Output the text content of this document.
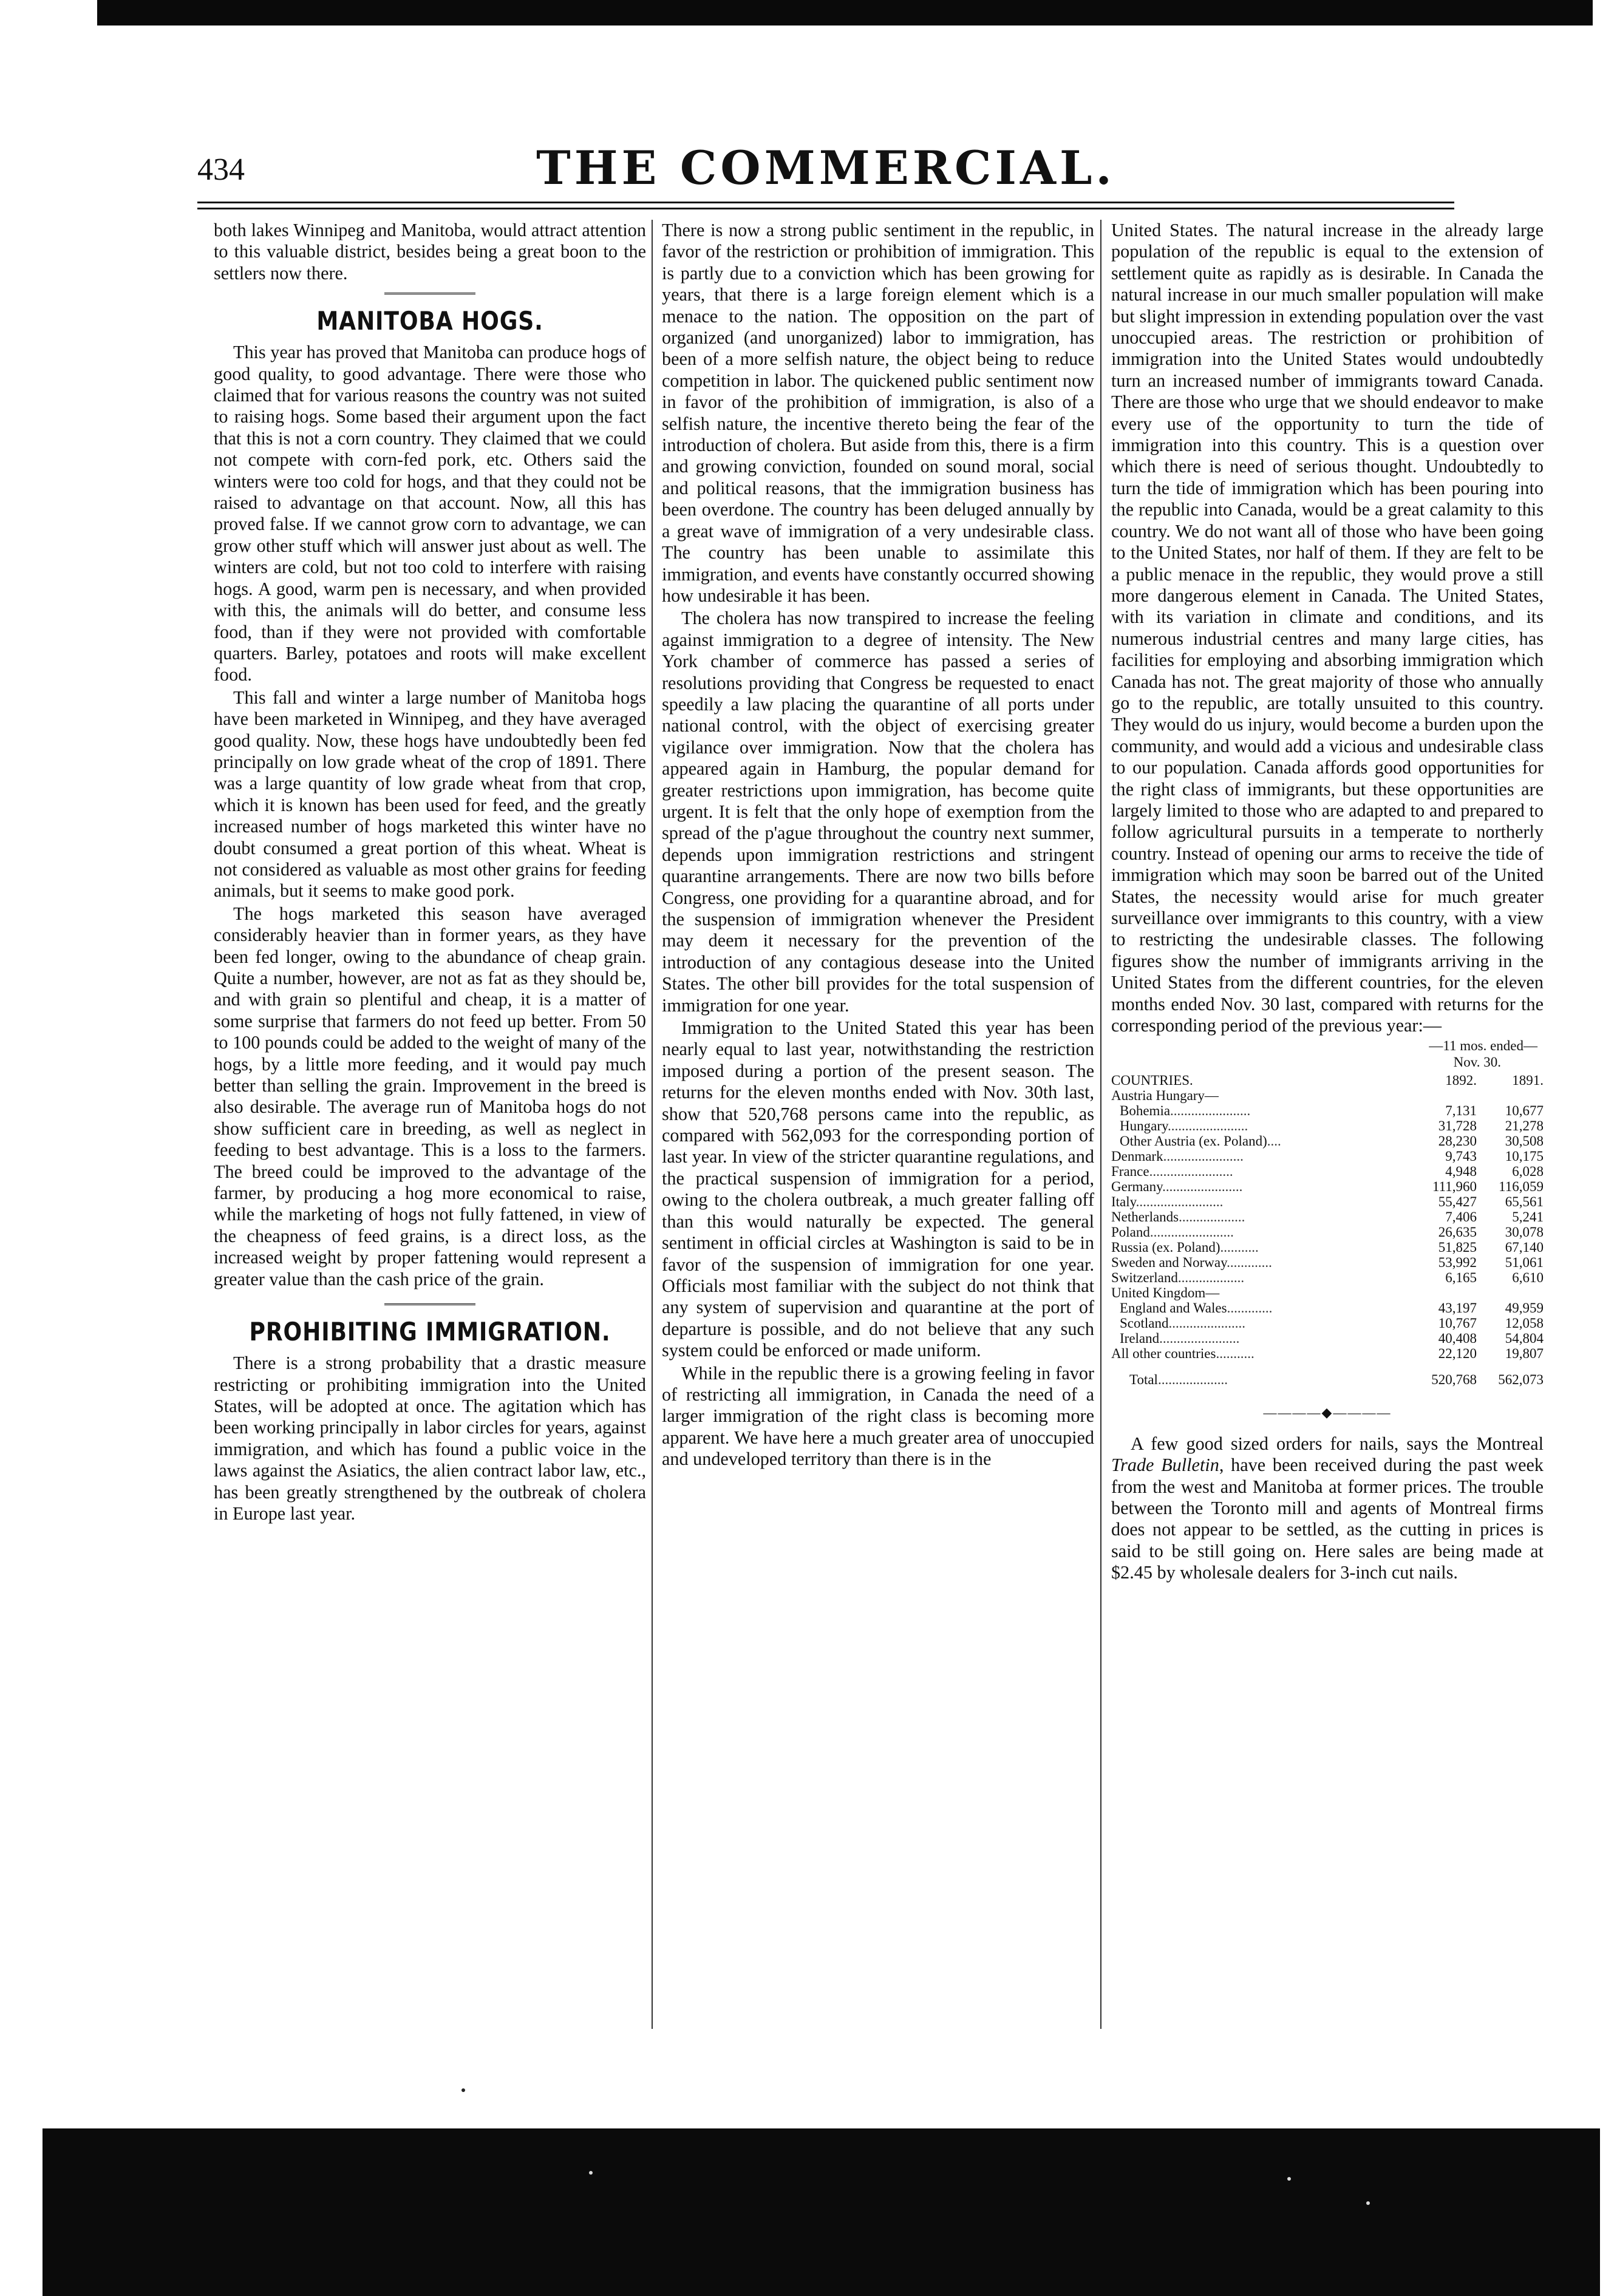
434	THE COMMERCIAL.

both lakes Winnipeg and Manitoba, would attract attention to this valuable district, besides being a great boon to the settlers now there.

MANITOBA HOGS.

This year has proved that Manitoba can produce hogs of good quality, to good advantage. There were those who claimed that for various reasons the country was not suited to raising hogs. Some based their argument upon the fact that this is not a corn country. They claimed that we could not compete with corn-fed pork, etc. Others said the winters were too cold for hogs, and that they could not be raised to advantage on that account. Now, all this has proved false. If we cannot grow corn to advantage, we can grow other stuff which will answer just about as well. The winters are cold, but not too cold to interfere with raising hogs. A good, warm pen is necessary, and when provided with this, the animals will do better, and consume less food, than if they were not provided with comfortable quarters. Barley, potatoes and roots will make excellent food.

This fall and winter a large number of Manitoba hogs have been marketed in Winnipeg, and they have averaged good quality. Now, these hogs have undoubtedly been fed principally on low grade wheat of the crop of 1891. There was a large quantity of low grade wheat from that crop, which it is known has been used for feed, and the greatly increased number of hogs marketed this winter have no doubt consumed a great portion of this wheat. Wheat is not considered as valuable as most other grains for feeding animals, but it seems to make good pork.

The hogs marketed this season have averaged considerably heavier than in former years, as they have been fed longer, owing to the abundance of cheap grain. Quite a number, however, are not as fat as they should be, and with grain so plentiful and cheap, it is a matter of some surprise that farmers do not feed up better. From 50 to 100 pounds could be added to the weight of many of the hogs, by a little more feeding, and it would pay much better than selling the grain. Improvement in the breed is also desirable. The average run of Manitoba hogs do not show sufficient care in breeding, as well as neglect in feeding to best advantage. This is a loss to the farmers. The breed could be improved to the advantage of the farmer, by producing a hog more economical to raise, while the marketing of hogs not fully fattened, in view of the cheapness of feed grains, is a direct loss, as the increased weight by proper fattening would represent a greater value than the cash price of the grain.

PROHIBITING IMMIGRATION.

There is a strong probability that a drastic measure restricting or prohibiting immigration into the United States, will be adopted at once. The agitation which has been working principally in labor circles for years, against immigration, and which has found a public voice in the laws against the Asiatics, the alien contract labor law, etc., has been greatly strengthened by the outbreak of cholera in Europe last year.

There is now a strong public sentiment in the republic, in favor of the restriction or prohibition of immigration. This is partly due to a conviction which has been growing for years, that there is a large foreign element which is a menace to the nation. The opposition on the part of organized (and unorganized) labor to immigration, has been of a more selfish nature, the object being to reduce competition in labor. The quickened public sentiment now in favor of the prohibition of immigration, is also of a selfish nature, the incentive thereto being the fear of the introduction of cholera. But aside from this, there is a firm and growing conviction, founded on sound moral, social and political reasons, that the immigration business has been overdone. The country has been deluged annually by a great wave of immigration of a very undesirable class. The country has been unable to assimilate this immigration, and events have constantly occurred showing how undesirable it has been.

The cholera has now transpired to increase the feeling against immigration to a degree of intensity. The New York chamber of commerce has passed a series of resolutions providing that Congress be requested to enact speedily a law placing the quarantine of all ports under national control, with the object of exercising greater vigilance over immigration. Now that the cholera has appeared again in Hamburg, the popular demand for greater restrictions upon immigration, has become quite urgent. It is felt that the only hope of exemption from the spread of the p'ague throughout the country next summer, depends upon immigration restrictions and stringent quarantine arrangements. There are now two bills before Congress, one providing for a quarantine abroad, and for the suspension of immigration whenever the President may deem it necessary for the prevention of the introduction of any contagious desease into the United States. The other bill provides for the total suspension of immigration for one year.

Immigration to the United Stated this year has been nearly equal to last year, notwithstanding the restriction imposed during a portion of the present season. The returns for the eleven months ended with Nov. 30th last, show that 520,768 persons came into the republic, as compared with 562,093 for the corresponding portion of last year. In view of the stricter quarantine regulations, and the practical suspension of immigration for a period, owing to the cholera outbreak, a much greater falling off than this would naturally be expected. The general sentiment in official circles at Washington is said to be in favor of the suspension of immigration for one year. Officials most familiar with the subject do not think that any system of supervision and quarantine at the port of departure is possible, and do not believe that any such system could be enforced or made uniform.

While in the republic there is a growing feeling in favor of restricting all immigration, in Canada the need of a larger immigration of the right class is becoming more apparent. We have here a much greater area of unoccupied and undeveloped territory than there is in the

United States. The natural increase in the already large population of the republic is equal to the extension of settlement quite as rapidly as is desirable. In Canada the natural increase in our much smaller population will make but slight impression in extending population over the vast unoccupied areas. The restriction or prohibition of immigration into the United States would undoubtedly turn an increased number of immigrants toward Canada. There are those who urge that we should endeavor to make every use of the opportunity to turn the tide of immigration into this country. This is a question over which there is need of serious thought. Undoubtedly to turn the tide of immigration which has been pouring into the republic into Canada, would be a great calamity to this country. We do not want all of those who have been going to the United States, nor half of them. If they are felt to be a public menace in the republic, they would prove a still more dangerous element in Canada. The United States, with its variation in climate and conditions, and its numerous industrial centres and many large cities, has facilities for employing and absorbing immigration which Canada has not. The great majority of those who annually go to the republic, are totally unsuited to this country. They would do us injury, would become a burden upon the community, and would add a vicious and undesirable class to our population. Canada affords good opportunities for the right class of immigrants, but these opportunities are largely limited to those who are adapted to and prepared to follow agricultural pursuits in a temperate to northerly country. Instead of opening our arms to receive the tide of immigration which may soon be barred out of the United States, the necessity would arise for much greater surveillance over immigrants to this country, with a view to restricting the undesirable classes. The following figures show the number of immigrants arriving in the United States from the different countries, for the eleven months ended Nov. 30 last, compared with returns for the corresponding period of the previous year:—

—11 mos. ended—
Nov. 30.
COUNTRIES.	1892.	1891.
Austria Hungary—		
Bohemia.......................	7,131	10,677
Hungary.......................	31,728	21,278
Other Austria (ex. Poland)....	28,230	30,508
Denmark.......................	9,743	10,175
France........................	4,948	6,028
Germany.......................	111,960	116,059
Italy.........................	55,427	65,561
Netherlands...................	7,406	5,241
Poland........................	26,635	30,078
Russia (ex. Poland)...........	51,825	67,140
Sweden and Norway.............	53,992	51,061
Switzerland...................	6,165	6,610
United Kingdom—		
England and Wales.............	43,197	49,959
Scotland......................	10,767	12,058
Ireland.......................	40,408	54,804
All other countries...........	22,120	19,807
Total....................	520,768	562,073
————◆————

A few good sized orders for nails, says the Montreal Trade Bulletin, have been received during the past week from the west and Manitoba at former prices. The trouble between the Toronto mill and agents of Montreal firms does not appear to be settled, as the cutting in prices is said to be still going on. Here sales are being made at $2.45 by wholesale dealers for 3-inch cut nails.
